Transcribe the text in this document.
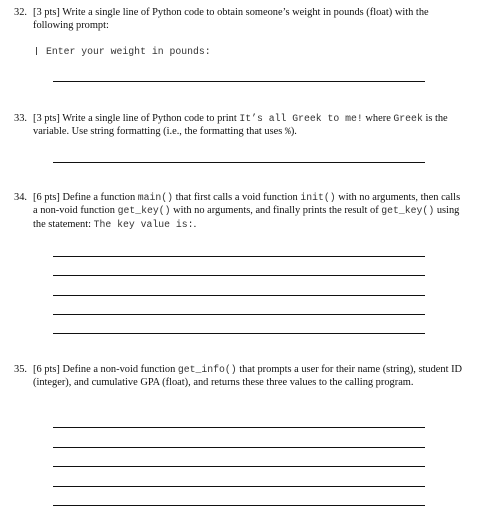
32. [3 pts] Write a single line of Python code to obtain someone’s weight in pounds (float) with the following prompt:
Enter your weight in pounds:
33. [3 pts] Write a single line of Python code to print It’s all Greek to me! where Greek is the variable. Use string formatting (i.e., the formatting that uses %).
34. [6 pts] Define a function main() that first calls a void function init() with no arguments, then calls a non-void function get_key() with no arguments, and finally prints the result of get_key() using the statement: The key value is:.
35. [6 pts] Define a non-void function get_info() that prompts a user for their name (string), student ID (integer), and cumulative GPA (float), and returns these three values to the calling program.
